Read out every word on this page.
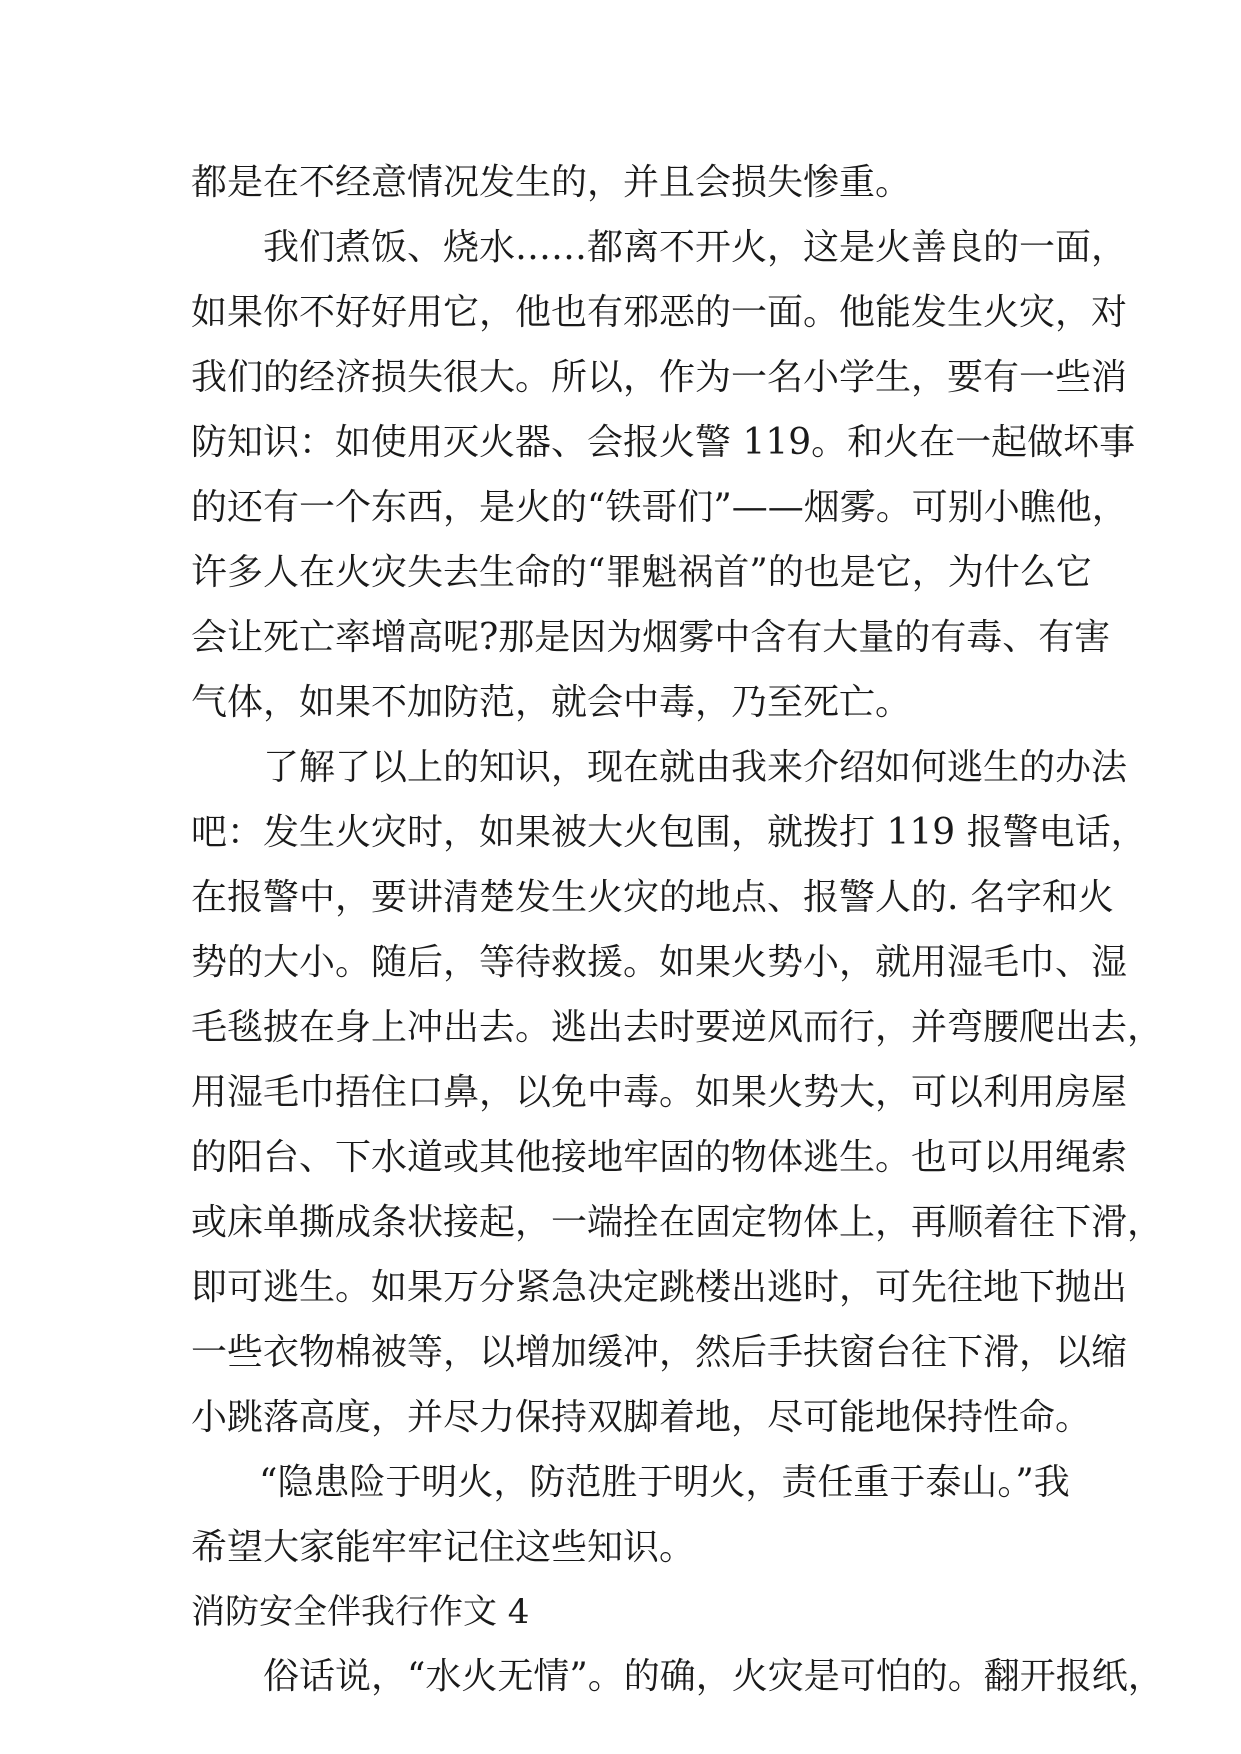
都是在不经意情况发生的，并且会损失惨重。
我们煮饭、烧水……都离不开火，这是火善良的一面，
如果你不好好用它，他也有邪恶的一面。他能发生火灾，对
我们的经济损失很大。所以，作为一名小学生，要有一些消
防知识：如使用灭火器、会报火警 119。和火在一起做坏事
的还有一个东西，是火的“铁哥们”——烟雾。可别小瞧他，
许多人在火灾失去生命的“罪魁祸首”的也是它，为什么它
会让死亡率增高呢?那是因为烟雾中含有大量的有毒、有害
气体，如果不加防范，就会中毒，乃至死亡。
了解了以上的知识，现在就由我来介绍如何逃生的办法
吧：发生火灾时，如果被大火包围，就拨打 119 报警电话，
在报警中，要讲清楚发生火灾的地点、报警人的. 名字和火
势的大小。随后，等待救援。如果火势小，就用湿毛巾、湿
毛毯披在身上冲出去。逃出去时要逆风而行，并弯腰爬出去，
用湿毛巾捂住口鼻，以免中毒。如果火势大，可以利用房屋
的阳台、下水道或其他接地牢固的物体逃生。也可以用绳索
或床单撕成条状接起，一端拴在固定物体上，再顺着往下滑，
即可逃生。如果万分紧急决定跳楼出逃时，可先往地下抛出
一些衣物棉被等，以增加缓冲，然后手扶窗台往下滑，以缩
小跳落高度，并尽力保持双脚着地，尽可能地保持性命。
“隐患险于明火，防范胜于明火，责任重于泰山。”我
希望大家能牢牢记住这些知识。
消防安全伴我行作文 4
俗话说，“水火无情”。的确，火灾是可怕的。翻开报纸，
